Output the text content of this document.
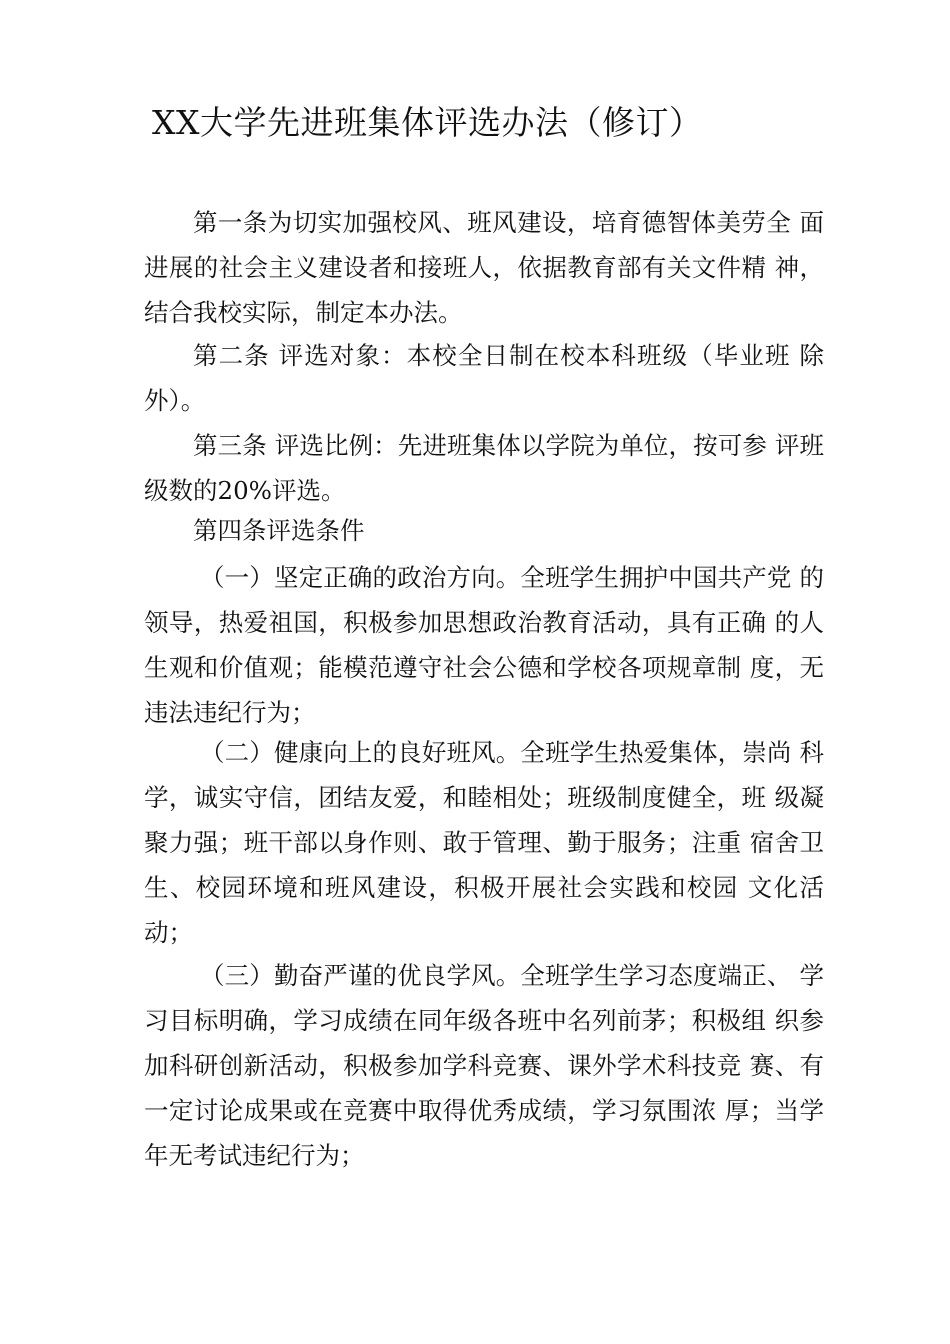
XX大学先进班集体评选办法（修订）

第一条为切实加强校风、班风建设，培育德智体美劳全 面进展的社会主义建设者和接班人，依据教育部有关文件精 神，结合我校实际，制定本办法。

第二条 评选对象：本校全日制在校本科班级（毕业班 除外）。

第三条 评选比例：先进班集体以学院为单位，按可参 评班级数的20%评选。

第四条评选条件

（一）坚定正确的政治方向。全班学生拥护中国共产党 的领导，热爱祖国，积极参加思想政治教育活动，具有正确 的人生观和价值观；能模范遵守社会公德和学校各项规章制 度，无违法违纪行为；

（二）健康向上的良好班风。全班学生热爱集体，崇尚 科学，诚实守信，团结友爱，和睦相处；班级制度健全，班 级凝聚力强；班干部以身作则、敢于管理、勤于服务；注重 宿舍卫生、校园环境和班风建设，积极开展社会实践和校园 文化活动；

（三）勤奋严谨的优良学风。全班学生学习态度端正、 学习目标明确，学习成绩在同年级各班中名列前茅；积极组 织参加科研创新活动，积极参加学科竞赛、课外学术科技竞 赛、有一定讨论成果或在竞赛中取得优秀成绩，学习氛围浓 厚；当学年无考试违纪行为；
